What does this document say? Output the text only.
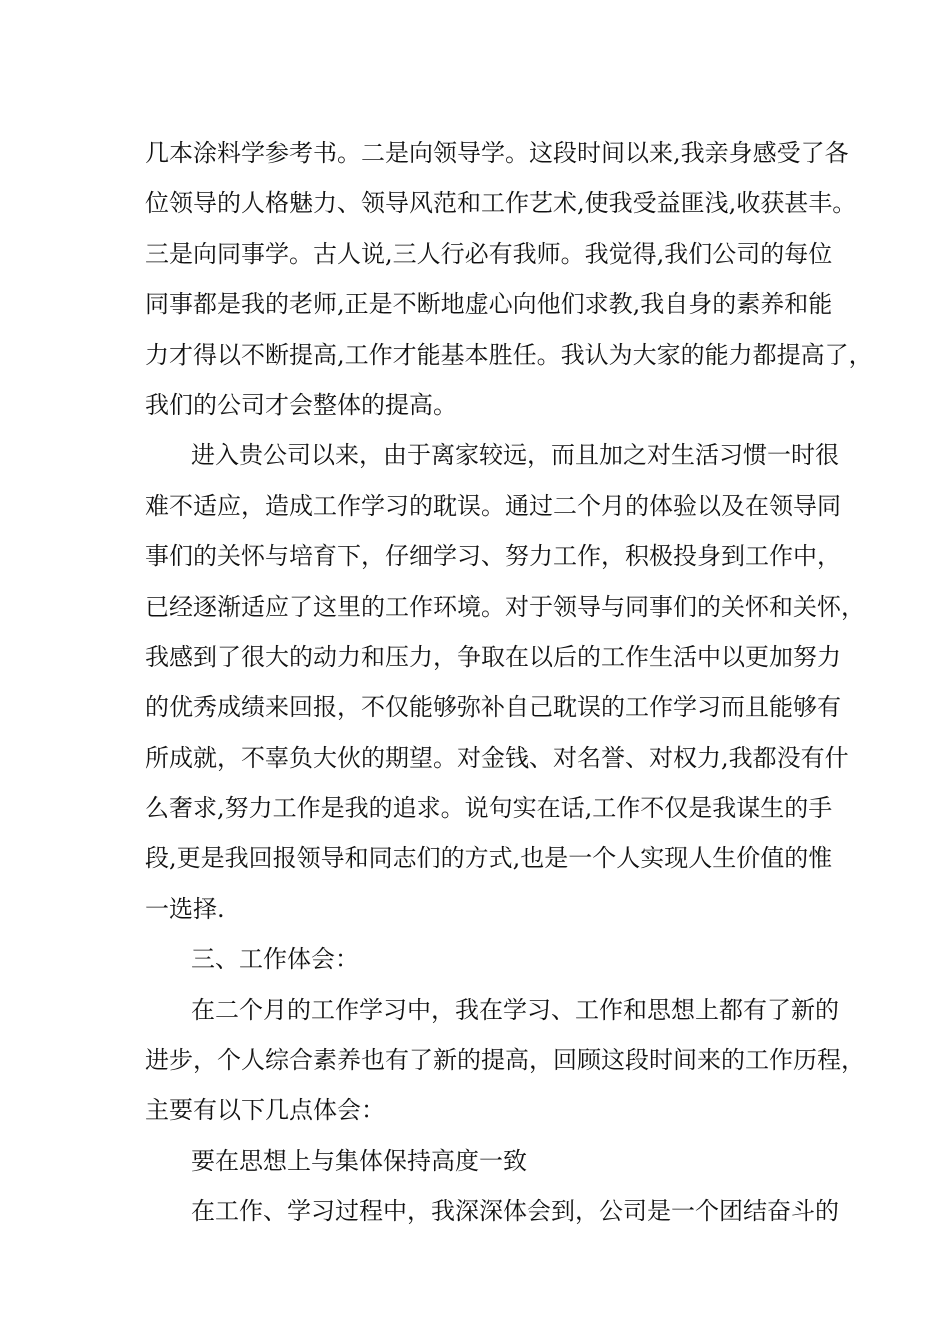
几本涂料学参考书。二是向领导学。这段时间以来,我亲身感受了各
位领导的人格魅力、领导风范和工作艺术,使我受益匪浅,收获甚丰。
三是向同事学。古人说,三人行必有我师。我觉得,我们公司的每位
同事都是我的老师,正是不断地虚心向他们求教,我自身的素养和能
力才得以不断提高,工作才能基本胜任。我认为大家的能力都提高了，
我们的公司才会整体的提高。
进入贵公司以来，由于离家较远，而且加之对生活习惯一时很
难不适应，造成工作学习的耽误。通过二个月的体验以及在领导同
事们的关怀与培育下，仔细学习、努力工作，积极投身到工作中，
已经逐渐适应了这里的工作环境。对于领导与同事们的关怀和关怀，
我感到了很大的动力和压力，争取在以后的工作生活中以更加努力
的优秀成绩来回报，不仅能够弥补自己耽误的工作学习而且能够有
所成就，不辜负大伙的期望。对金钱、对名誉、对权力,我都没有什
么奢求,努力工作是我的追求。说句实在话,工作不仅是我谋生的手
段,更是我回报领导和同志们的方式,也是一个人实现人生价值的惟
一选择.
三、工作体会：
在二个月的工作学习中，我在学习、工作和思想上都有了新的
进步，个人综合素养也有了新的提高，回顾这段时间来的工作历程，
主要有以下几点体会：
要在思想上与集体保持高度一致
在工作、学习过程中，我深深体会到，公司是一个团结奋斗的
